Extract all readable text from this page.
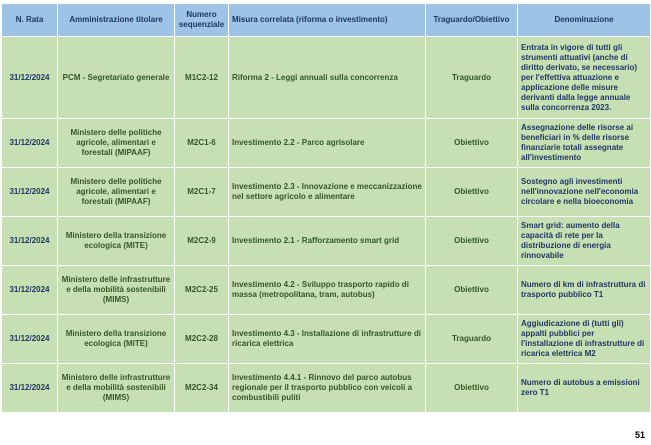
N. Rata	Amministrazione titolare	Numero sequenziale	Misura correlata (riforma o investimento)	Traguardo/Obiettivo	Denominazione
31/12/2024	PCM - Segretariato generale	M1C2-12	Riforma 2 - Leggi annuali sulla concorrenza	Traguardo	Entrata in vigore di tutti gli strumenti attuativi (anche di diritto derivato, se necessario) per l'effettiva attuazione e applicazione delle misure derivanti dalla legge annuale sulla concorrenza 2023.
31/12/2024	Ministero delle politiche agricole, alimentari e forestali (MIPAAF)	M2C1-6	Investimento 2.2 - Parco agrisolare	Obiettivo	Assegnazione delle risorse ai beneficiari in % delle risorse finanziarie totali assegnate all'investimento
31/12/2024	Ministero delle politiche agricole, alimentari e forestali (MIPAAF)	M2C1-7	Investimento 2.3 - Innovazione e meccanizzazione nel settore agricolo e alimentare	Obiettivo	Sostegno agli investimenti nell'innovazione nell'economia circolare e nella bioeconomia
31/12/2024	Ministero della transizione ecologica (MITE)	M2C2-9	Investimento 2.1 - Rafforzamento smart grid	Obiettivo	Smart grid: aumento della capacità di rete per la distribuzione di energia rinnovabile
31/12/2024	Ministero delle infrastrutture e della mobilità sostenibili (MIMS)	M2C2-25	Investimento 4.2 - Sviluppo trasporto rapido di massa (metropolitana, tram, autobus)	Obiettivo	Numero di km di infrastruttura di trasporto pubblico T1
31/12/2024	Ministero della transizione ecologica (MITE)	M2C2-28	Investimento 4.3 - Installazione di infrastrutture di ricarica elettrica	Traguardo	Aggiudicazione di (tutti gli) appalti pubblici per l'installazione di infrastrutture di ricarica elettrica M2
31/12/2024	Ministero delle infrastrutture e della mobilità sostenibili (MIMS)	M2C2-34	Investimento 4.4.1 - Rinnovo del parco autobus regionale per il trasporto pubblico con veicoli a combustibili puliti	Obiettivo	Numero di autobus a emissioni zero T1
51
